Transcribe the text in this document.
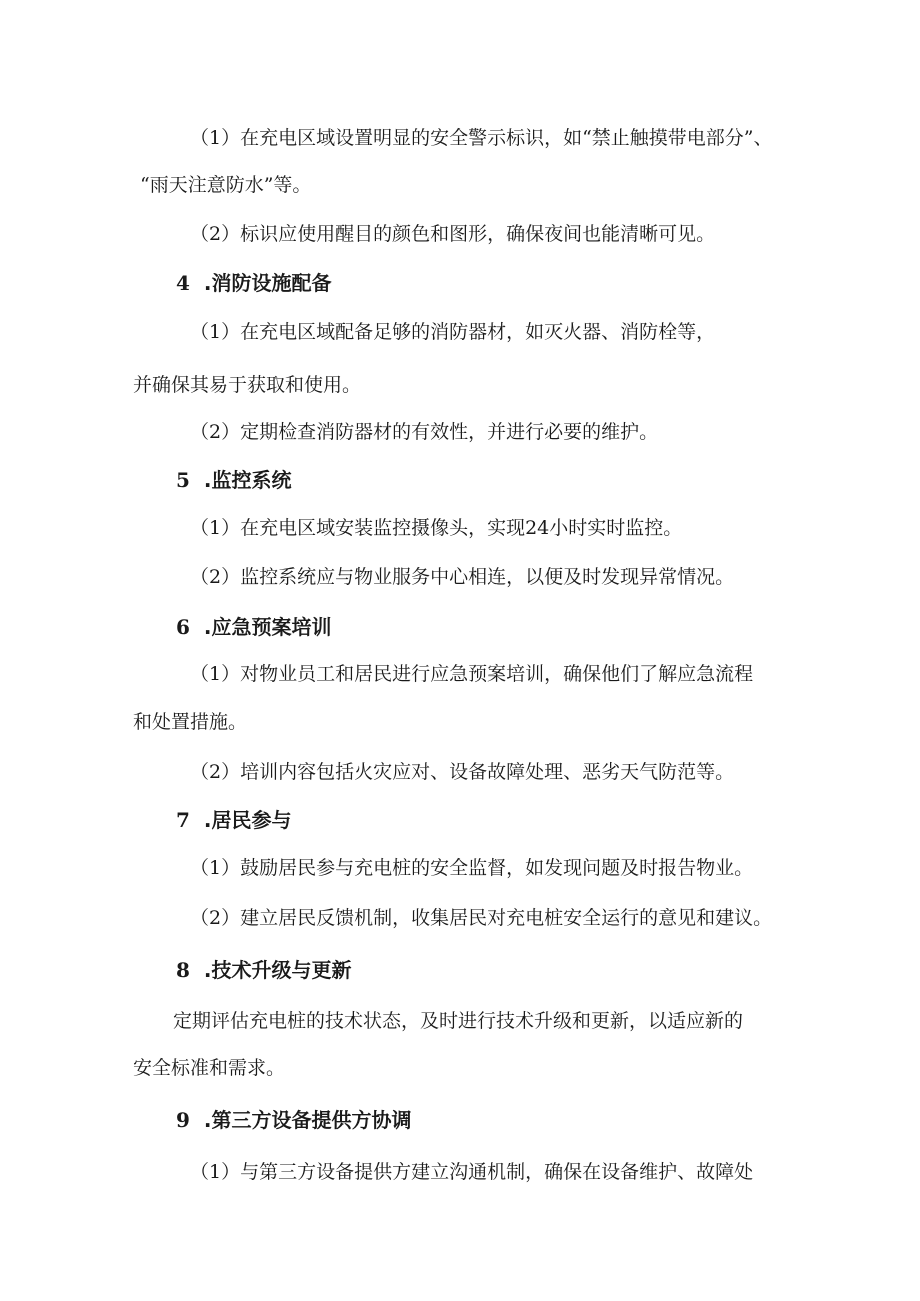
（1）在充电区域设置明显的安全警示标识，如“禁止触摸带电部分”、
“雨天注意防水”等。
（2）标识应使用醒目的颜色和图形，确保夜间也能清晰可见。
4 .消防设施配备
（1）在充电区域配备足够的消防器材，如灭火器、消防栓等，
并确保其易于获取和使用。
（2）定期检查消防器材的有效性，并进行必要的维护。
5 .监控系统
（1）在充电区域安装监控摄像头，实现24小时实时监控。
（2）监控系统应与物业服务中心相连，以便及时发现异常情况。
6 .应急预案培训
（1）对物业员工和居民进行应急预案培训，确保他们了解应急流程
和处置措施。
（2）培训内容包括火灾应对、设备故障处理、恶劣天气防范等。
7 .居民参与
（1）鼓励居民参与充电桩的安全监督，如发现问题及时报告物业。
（2）建立居民反馈机制，收集居民对充电桩安全运行的意见和建议。
8 .技术升级与更新
定期评估充电桩的技术状态，及时进行技术升级和更新，以适应新的
安全标准和需求。
9 .第三方设备提供方协调
（1）与第三方设备提供方建立沟通机制，确保在设备维护、故障处
